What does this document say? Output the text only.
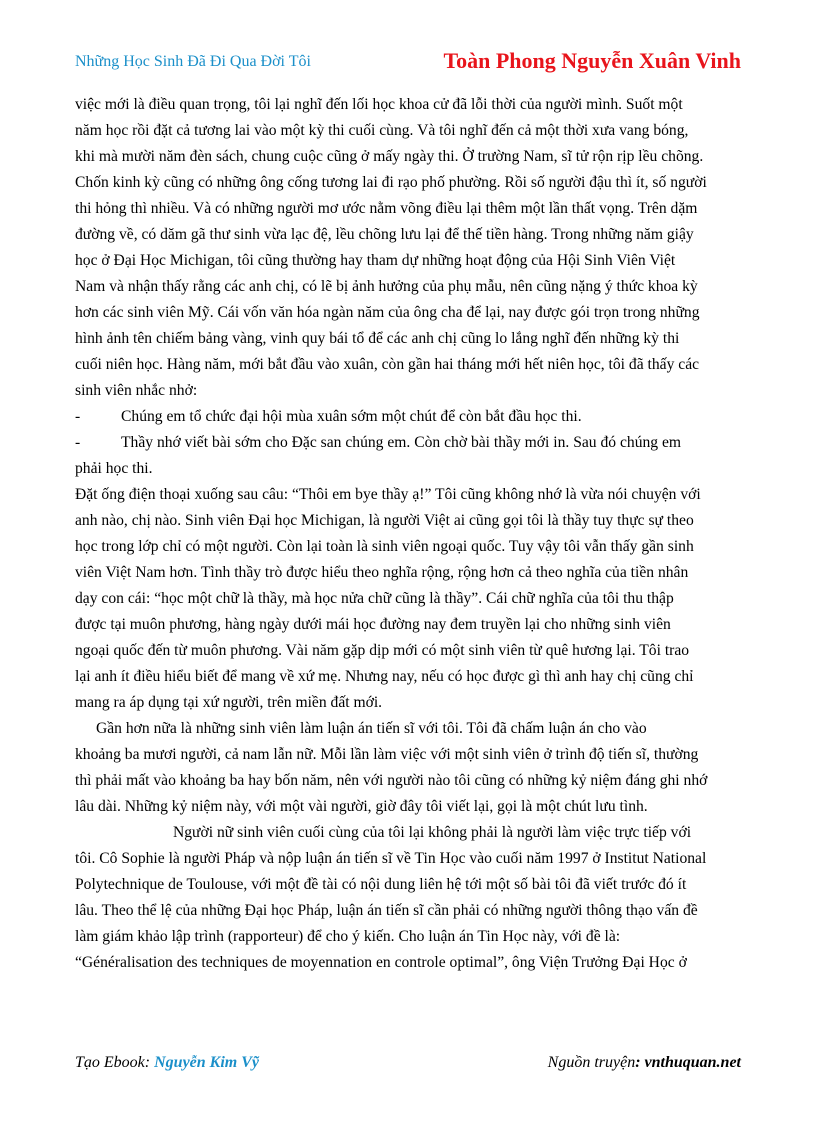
Những Học Sinh Đã Đi Qua Đời Tôi	Toàn Phong Nguyễn Xuân Vinh

việc mới là điều quan trọng, tôi lại nghĩ đến lối học khoa cử đã lỗi thời của người mình. Suốt một
năm học rồi đặt cả tương lai vào một kỳ thi cuối cùng. Và tôi nghĩ đến cả một thời xưa vang bóng,
khi mà mười năm đèn sách, chung cuộc cũng ở mấy ngày thi. Ở trường Nam, sĩ tử rộn rịp lều chõng.
Chốn kinh kỳ cũng có những ông cống tương lai đi rạo phố phường. Rồi số người đậu thì ít, số người
thi hỏng thì nhiều. Và có những người mơ ước nằm võng điều lại thêm một lần thất vọng. Trên dặm
đường về, có dăm gã thư sinh vừa lạc đệ, lều chõng lưu lại để thế tiền hàng. Trong những năm giậy
học ở Đại Học Michigan, tôi cũng thường hay tham dự những hoạt động của Hội Sinh Viên Việt
Nam và nhận thấy rằng các anh chị, có lẽ bị ảnh hưởng của phụ mẫu, nên cũng nặng ý thức khoa kỳ
hơn các sinh viên Mỹ. Cái vốn văn hóa ngàn năm của ông cha để lại, nay được gói trọn trong những
hình ảnh tên chiếm bảng vàng, vinh quy bái tổ để các anh chị cũng lo lắng nghĩ đến những kỳ thi
cuối niên học. Hàng năm, mới bắt đầu vào xuân, còn gần hai tháng mới hết niên học, tôi đã thấy các
sinh viên nhắc nhở:

-	Chúng em tổ chức đại hội mùa xuân sớm một chút để còn bắt đầu học thi.

-	Thầy nhớ viết bài sớm cho Đặc san chúng em. Còn chờ bài thầy mới in. Sau đó chúng em
phải học thi.

Đặt ống điện thoại xuống sau câu: “Thôi em bye thầy ạ!” Tôi cũng không nhớ là vừa nói chuyện với
anh nào, chị nào. Sinh viên Đại học Michigan, là người Việt ai cũng gọi tôi là thầy tuy thực sự theo
học trong lớp chỉ có một người. Còn lại toàn là sinh viên ngoại quốc. Tuy vậy tôi vẫn thấy gần sinh
viên Việt Nam hơn. Tình thầy trò được hiểu theo nghĩa rộng, rộng hơn cả theo nghĩa của tiền nhân
dạy con cái: “học một chữ là thầy, mà học nửa chữ cũng là thầy”. Cái chữ nghĩa của tôi thu thập
được tại muôn phương, hàng ngày dưới mái học đường nay đem truyền lại cho những sinh viên
ngoại quốc đến từ muôn phương. Vài năm gặp dịp mới có một sinh viên từ quê hương lại. Tôi trao
lại anh ít điều hiểu biết để mang về xứ mẹ. Nhưng nay, nếu có học được gì thì anh hay chị cũng chỉ
mang ra áp dụng tại xứ người, trên miền đất mới.

Gần hơn nữa là những sinh viên làm luận án tiến sĩ với tôi. Tôi đã chấm luận án cho vào
khoảng ba mươi người, cả nam lẫn nữ. Mỗi lần làm việc với một sinh viên ở trình độ tiến sĩ, thường
thì phải mất vào khoảng ba hay bốn năm, nên với người nào tôi cũng có những kỷ niệm đáng ghi nhớ
lâu dài. Những kỷ niệm này, với một vài người, giờ đây tôi viết lại, gọi là một chút lưu tình.

Người nữ sinh viên cuối cùng của tôi lại không phải là người làm việc trực tiếp với
tôi. Cô Sophie là người Pháp và nộp luận án tiến sĩ về Tin Học vào cuối năm 1997 ở Institut National
Polytechnique de Toulouse, với một đề tài có nội dung liên hệ tới một số bài tôi đã viết trước đó ít
lâu. Theo thể lệ của những Đại học Pháp, luận án tiến sĩ cần phải có những người thông thạo vấn đề
làm giám khảo lập trình (rapporteur) để cho ý kiến. Cho luận án Tin Học này, với đề là:
“Généralisation des techniques de moyennation en controle optimal”, ông Viện Trưởng Đại Học ở

Tạo Ebook: Nguyễn Kim Vỹ	Nguồn truyện: vnthuquan.net
